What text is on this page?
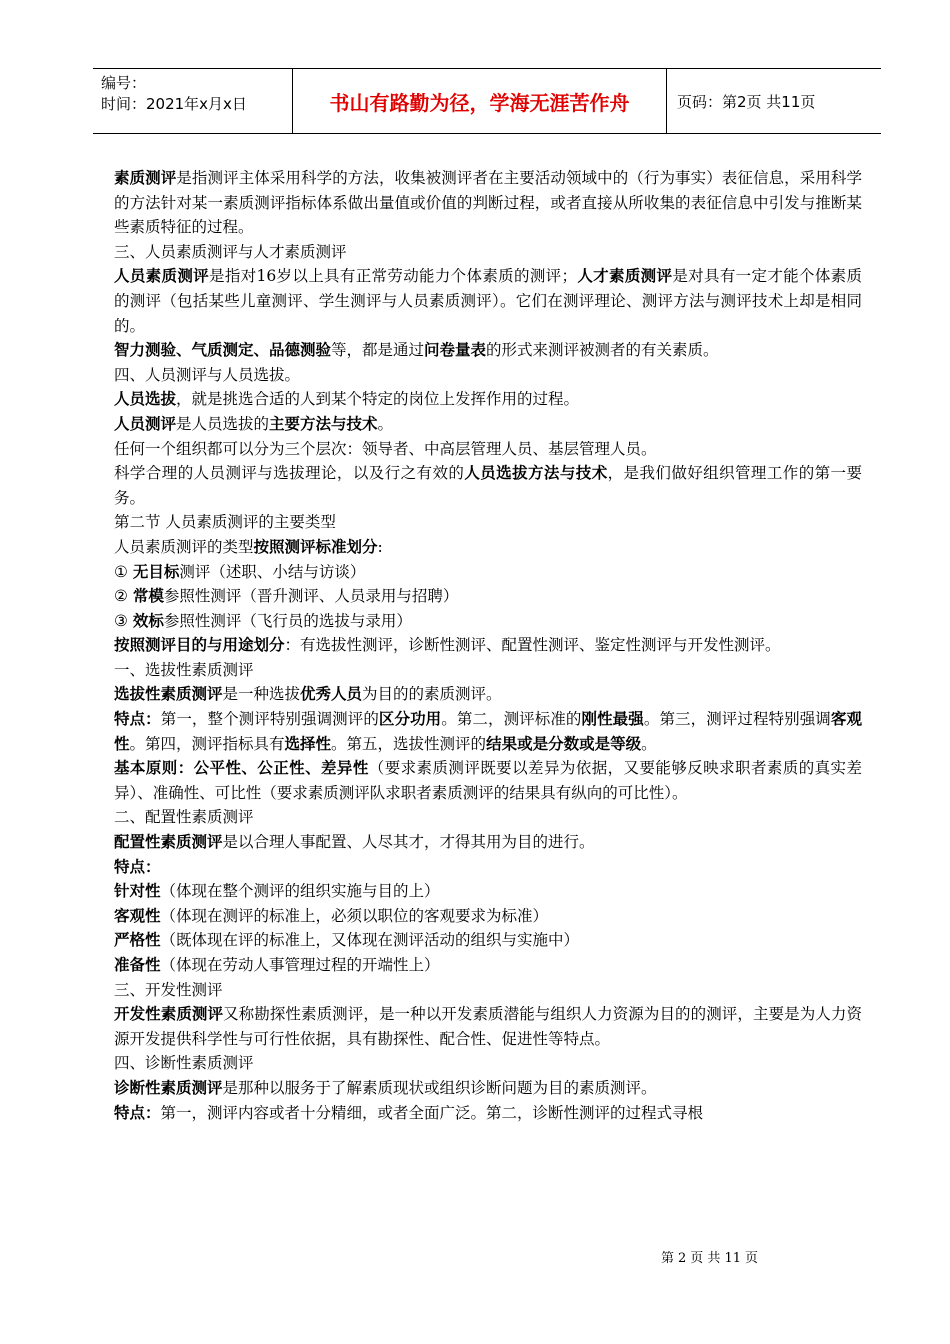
编号：
时间：2021年x月x日	书山有路勤为径，学海无涯苦作舟	页码：第2页 共11页

素质测评是指测评主体采用科学的方法，收集被测评者在主要活动领域中的（行为事实）表征信息，采用科学的方法针对某一素质测评指标体系做出量值或价值的判断过程，或者直接从所收集的表征信息中引发与推断某些素质特征的过程。

三、人员素质测评与人才素质测评

人员素质测评是指对16岁以上具有正常劳动能力个体素质的测评；人才素质测评是对具有一定才能个体素质的测评（包括某些儿童测评、学生测评与人员素质测评）。它们在测评理论、测评方法与测评技术上却是相同的。

智力测验、气质测定、品德测验等，都是通过问卷量表的形式来测评被测者的有关素质。

四、人员测评与人员选拔。

人员选拔，就是挑选合适的人到某个特定的岗位上发挥作用的过程。

人员测评是人员选拔的主要方法与技术。

任何一个组织都可以分为三个层次：领导者、中高层管理人员、基层管理人员。

科学合理的人员测评与选拔理论，以及行之有效的人员选拔方法与技术，是我们做好组织管理工作的第一要务。

第二节 人员素质测评的主要类型

人员素质测评的类型按照测评标准划分:

① 无目标测评（述职、小结与访谈）

② 常模参照性测评（晋升测评、人员录用与招聘）

③ 效标参照性测评（飞行员的选拔与录用）

按照测评目的与用途划分：有选拔性测评，诊断性测评、配置性测评、鉴定性测评与开发性测评。

一、选拔性素质测评

选拔性素质测评是一种选拔优秀人员为目的的素质测评。

特点：第一，整个测评特别强调测评的区分功用。第二，测评标准的刚性最强。第三，测评过程特别强调客观性。第四，测评指标具有选择性。第五，选拔性测评的结果或是分数或是等级。

基本原则：公平性、公正性、差异性（要求素质测评既要以差异为依据，又要能够反映求职者素质的真实差异）、准确性、可比性（要求素质测评队求职者素质测评的结果具有纵向的可比性）。

二、配置性素质测评

配置性素质测评是以合理人事配置、人尽其才，才得其用为目的进行。

特点：

针对性（体现在整个测评的组织实施与目的上）

客观性（体现在测评的标准上，必须以职位的客观要求为标准）

严格性（既体现在评的标准上，又体现在测评活动的组织与实施中）

准备性（体现在劳动人事管理过程的开端性上）

三、开发性测评

开发性素质测评又称勘探性素质测评，是一种以开发素质潜能与组织人力资源为目的的测评，主要是为人力资源开发提供科学性与可行性依据，具有勘探性、配合性、促进性等特点。

四、诊断性素质测评

诊断性素质测评是那种以服务于了解素质现状或组织诊断问题为目的素质测评。

特点：第一，测评内容或者十分精细，或者全面广泛。第二，诊断性测评的过程式寻根

第 2 页 共 11 页
